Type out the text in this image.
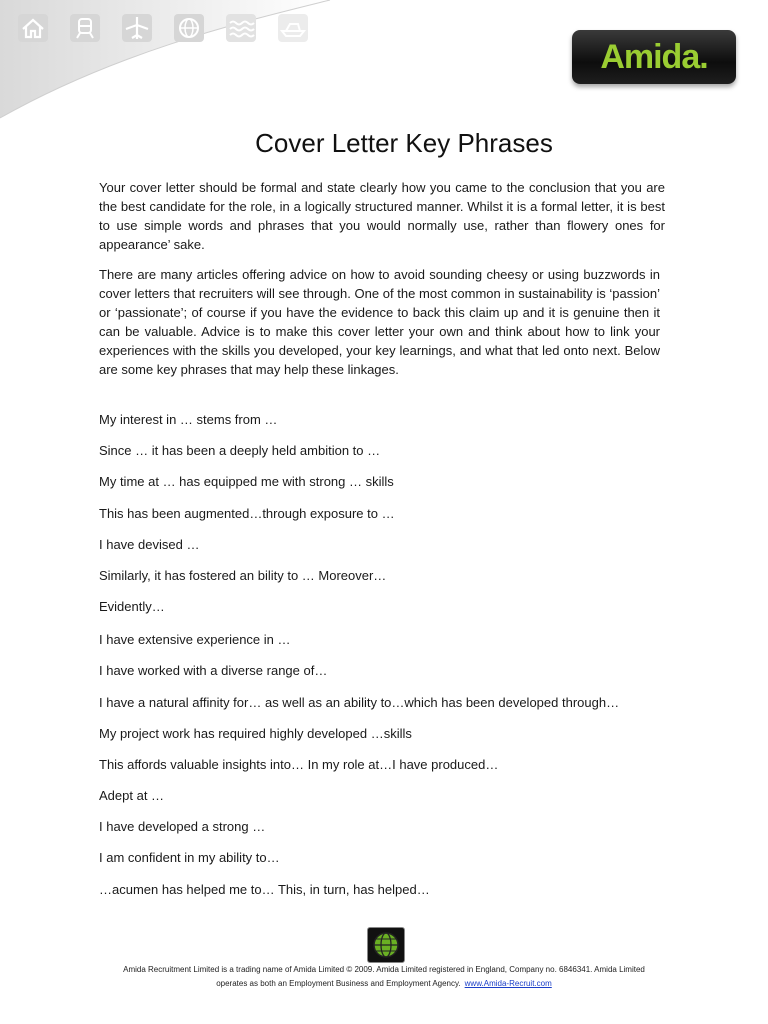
Amida.
Cover Letter Key Phrases

Your cover letter should be formal and state clearly how you came to the conclusion that you are the best candidate for the role, in a logically structured manner. Whilst it is a formal letter, it is best to use simple words and phrases that you would normally use, rather than flowery ones for appearance’ sake.

There are many articles offering advice on how to avoid sounding cheesy or using buzzwords in cover letters that recruiters will see through. One of the most common in sustainability is ‘passion’ or ‘passionate’; of course if you have the evidence to back this claim up and it is genuine then it can be valuable. Advice is to make this cover letter your own and think about how to link your experiences with the skills you developed, your key learnings, and what that led onto next. Below are some key phrases that may help these linkages.

My interest in … stems from …
Since … it has been a deeply held ambition to …
My time at … has equipped me with strong … skills
This has been augmented…through exposure to …
I have devised …
Similarly, it has fostered an bility to … Moreover…
Evidently…
I have extensive experience in …
I have worked with a diverse range of…
I have a natural affinity for… as well as an ability to…which has been developed through…
My project work has required highly developed …skills
This affords valuable insights into… In my role at…I have produced…
Adept at …
I have developed a strong …
I am confident in my ability to…
…acumen has helped me to… This, in turn, has helped…
Amida Recruitment Limited is a trading name of Amida Limited © 2009. Amida Limited registered in England, Company no. 6846341. Amida Limited
operates as both an Employment Business and Employment Agency. www.Amida-Recruit.com
